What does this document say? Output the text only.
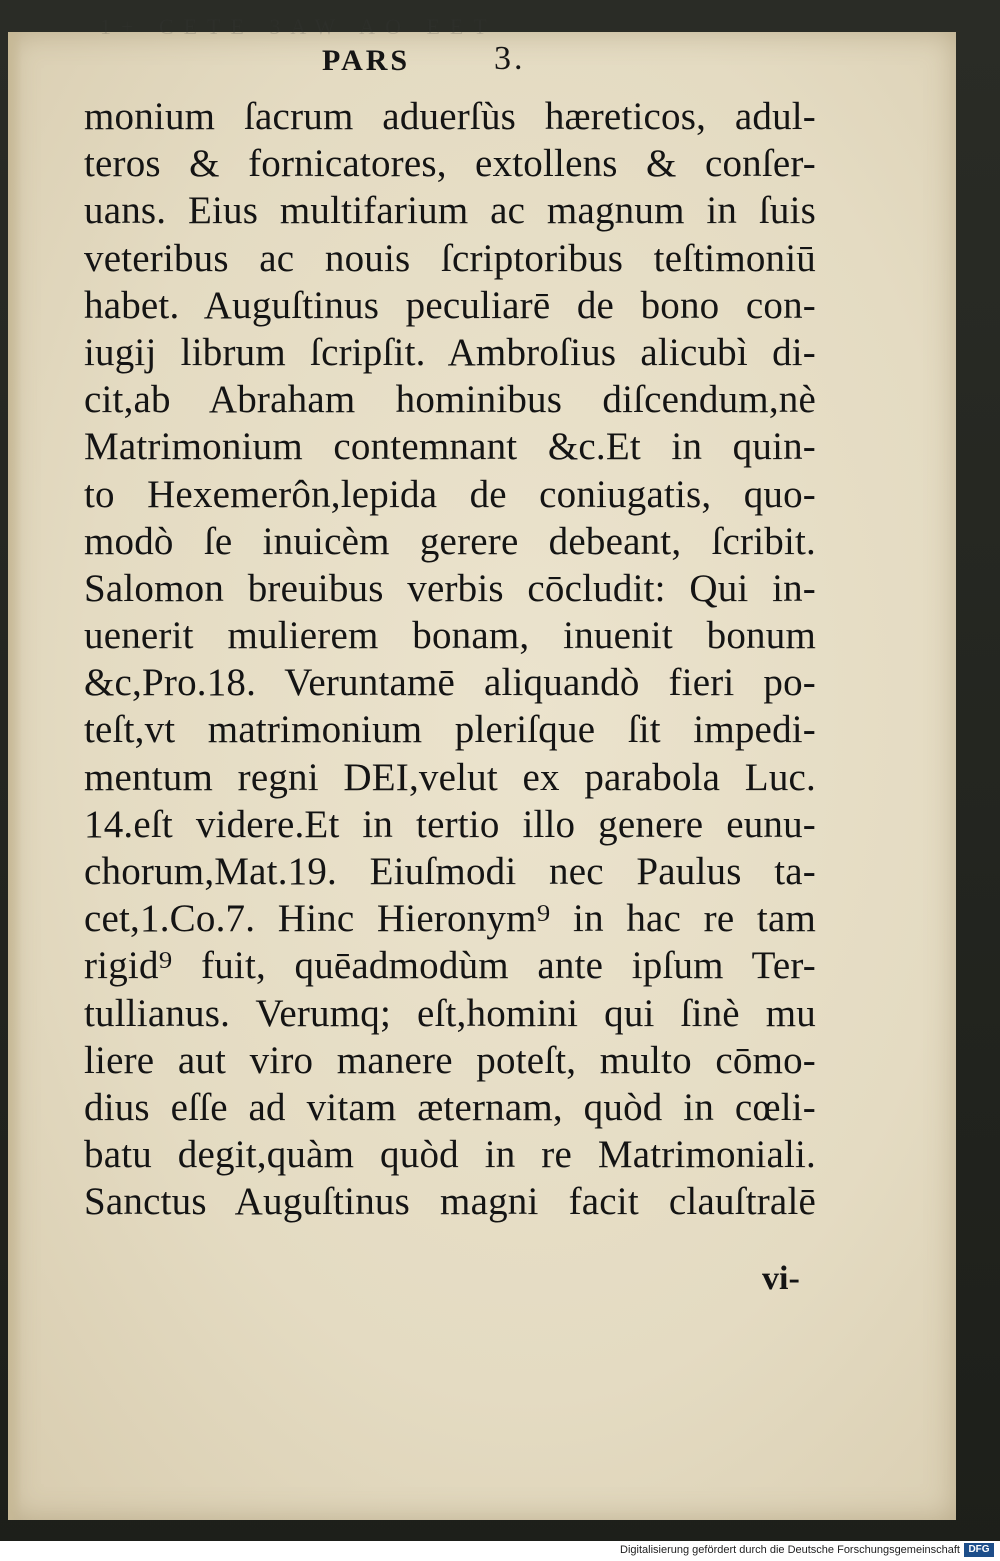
1+ CETE 3AW AO EET
PARS 3.
monium ſacrum aduerſùs hæreticos, adul-
teros & fornicatores, extollens & conſer-
uans. Eius multifarium ac magnum in ſuis
veteribus ac nouis ſcriptoribus teſtimoniū
habet. Auguſtinus peculiarē de bono con-
iugij librum ſcripſit. Ambroſius alicubì di-
cit,ab Abraham hominibus diſcendum,nè
Matrimonium contemnant &c.Et in quin-
to Hexemerôn,lepida de coniugatis, quo-
modò ſe inuicèm gerere debeant, ſcribit.
Salomon breuibus verbis cōcludit: Qui in-
uenerit mulierem bonam, inuenit bonum
&c,Pro.18. Veruntamē aliquandò fieri po-
teſt,vt matrimonium pleriſque ſit impedi-
mentum regni DEI,velut ex parabola Luc.
14.eſt videre.Et in tertio illo genere eunu-
chorum,Mat.19. Eiuſmodi nec Paulus ta-
cet,1.Co.7. Hinc Hieronym⁹ in hac re tam
rigid⁹ fuit, quēadmodùm ante ipſum Ter-
tullianus. Verumq; eſt,homini qui ſinè mu
liere aut viro manere poteſt, multo cōmo-
dius eſſe ad vitam æternam, quòd in cœli-
batu degit,quàm quòd in re Matrimoniali.
Sanctus Auguſtinus magni facit clauſtralē
vi-
Digitalisierung gefördert durch die Deutsche Forschungsgemeinschaft DFG
